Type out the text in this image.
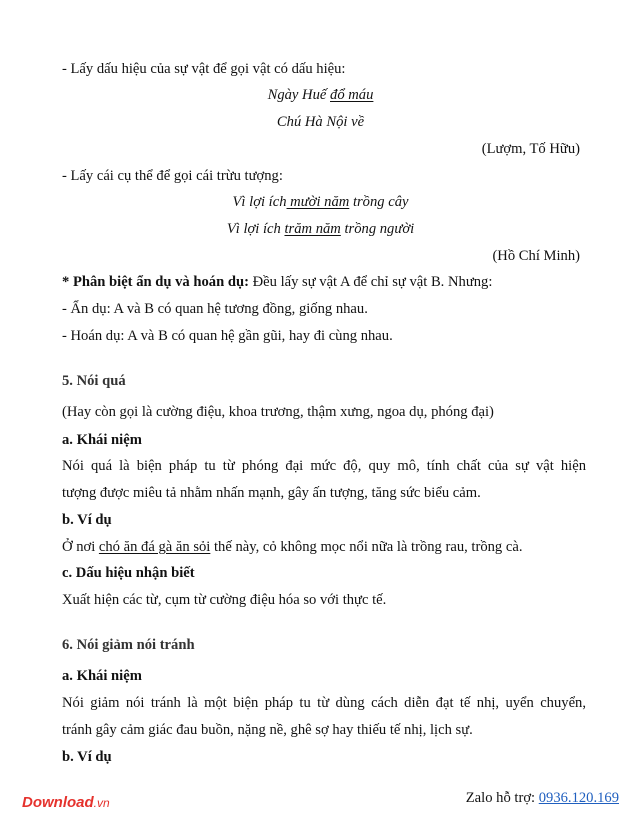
- Lấy dấu hiệu của sự vật để gọi vật có dấu hiệu:
Ngày Huế đổ máu
Chú Hà Nội về
(Lượm, Tố Hữu)
- Lấy cái cụ thể để gọi cái trừu tượng:
Vì lợi ích mười năm trồng cây
Vì lợi ích trăm năm trồng người
(Hồ Chí Minh)
* Phân biệt ẩn dụ và hoán dụ: Đều lấy sự vật A để chỉ sự vật B. Nhưng:
- Ẩn dụ: A và B có quan hệ tương đồng, giống nhau.
- Hoán dụ: A và B có quan hệ gần gũi, hay đi cùng nhau.
5. Nói quá
(Hay còn gọi là cường điệu, khoa trương, thậm xưng, ngoa dụ, phóng đại)
a. Khái niệm
Nói quá là biện pháp tu từ phóng đại mức độ, quy mô, tính chất của sự vật hiện
tượng được miêu tả nhằm nhấn mạnh, gây ấn tượng, tăng sức biểu cảm.
b. Ví dụ
Ở nơi chó ăn đá gà ăn sỏi thế này, cỏ không mọc nổi nữa là trồng rau, trồng cà.
c. Dấu hiệu nhận biết
Xuất hiện các từ, cụm từ cường điệu hóa so với thực tế.
6. Nói giảm nói tránh
a. Khái niệm
Nói giảm nói tránh là một biện pháp tu từ dùng cách diễn đạt tế nhị, uyển chuyển,
tránh gây cảm giác đau buồn, nặng nề, ghê sợ hay thiếu tế nhị, lịch sự.
b. Ví dụ
Download.vn	Zalo hỗ trợ: 0936.120.169
